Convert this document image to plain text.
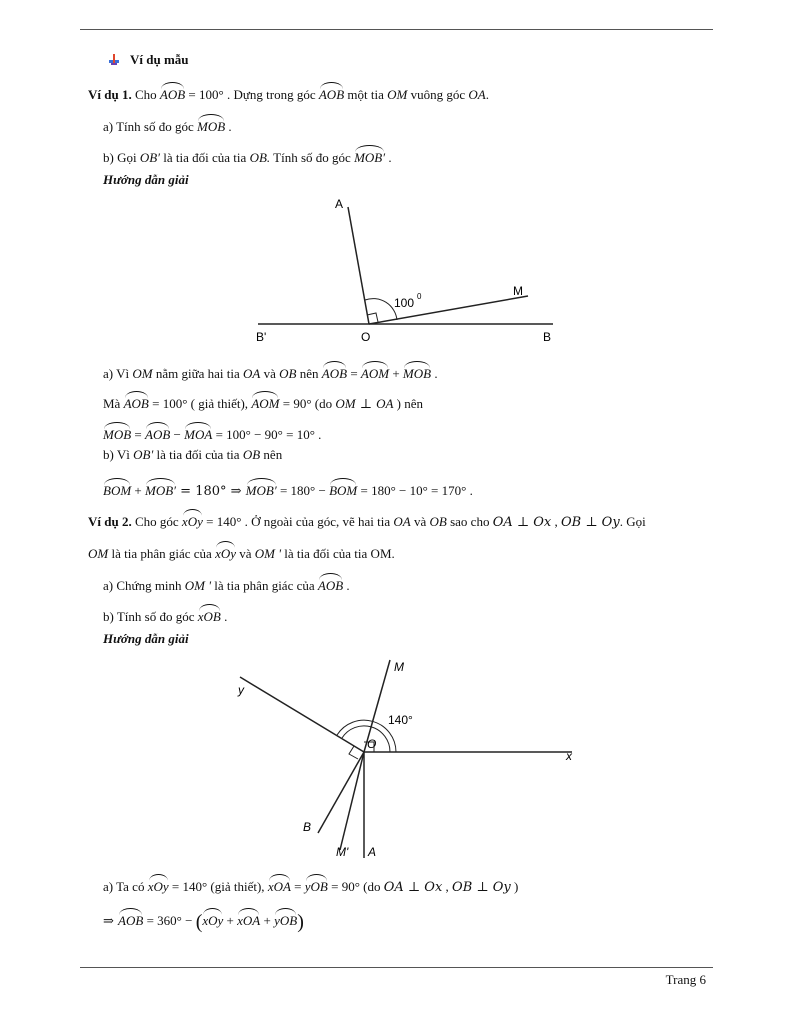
Ví dụ mẫu
Ví dụ 1. Cho AOB = 100° . Dựng trong góc AOB một tia OM vuông góc OA.
a) Tính số đo góc MOB .
b) Gọi OB′ là tia đối của tia OB. Tính số đo góc MOB′ .
Hướng dẫn giải
A
M
O	B
B'
100 0
a) Vì OM nằm giữa hai tia OA và OB nên AOB = AOM + MOB .
Mà AOB = 100° ( giả thiết), AOM = 90° (do OM ⊥ OA ) nên
MOB = AOB − MOA = 100° − 90° = 10° .
b) Vì OB′ là tia đối của tia OB nên
BOM + MOB′ = 180° ⇒ MOB′ = 180° − BOM = 180° − 10° = 170° .
Ví dụ 2. Cho góc xOy = 140° . Ở ngoài của góc, vẽ hai tia OA và OB sao cho OA ⊥ Ox , OB ⊥ Oy. Gọi
OM là tia phân giác của xOy và OM ' là tia đối của tia OM.
a) Chứng minh OM ' là tia phân giác của AOB .
b) Tính số đo góc xOB .
Hướng dẫn giải
M
y
O
x
B
M' A
140°
a) Ta có xOy = 140° (giả thiết), xOA = yOB = 90° (do OA ⊥ Ox , OB ⊥ Oy )
⇒ AOB = 360° − (xOy + xOA + yOB)
Trang 6
